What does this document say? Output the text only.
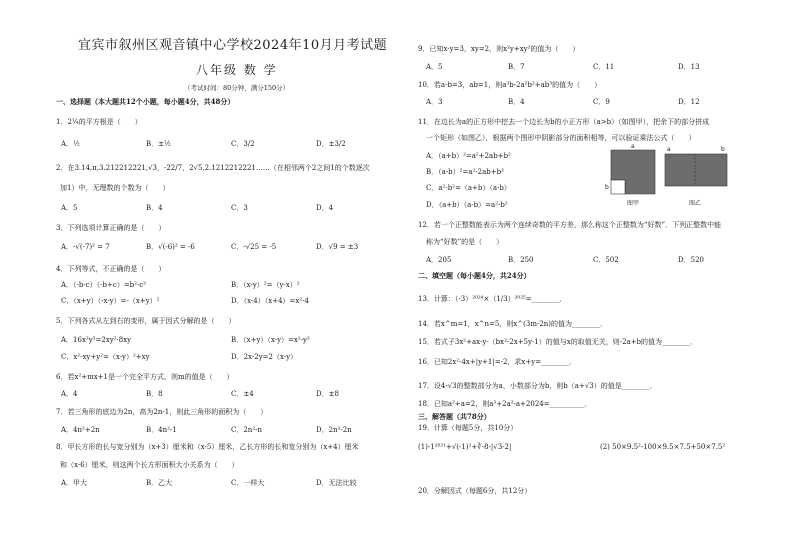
宜宾市叙州区观音镇中心学校2024年10月月考试题
八年级 数 学
（考试时间：80分钟，满分150分）
一、选择题（本大题共12个小题，每小题4分，共48分）
1．2¼的平方根是（　　）
A．½	B．±½	C．3/2	D．±3/2
2．在3.14,π,3.212212221,√3，-22/7，2√5,2.1212212221……（在相邻两个2之间1的个数逐次
加1）中，无理数的个数为（　　）
A．5	B．4	C．3	D．4
3．下列选项计算正确的是（　　）
A．-√(-7)² = 7	B．√(-6)² = -6	C．-√25 = -5	D．√9 = ±3
4．下列等式，不正确的是（　　）
A．（-b-c）（-b+c）=b²-c²	B．（x-y）²=（y-x）²
C．（x+y）（-x-y）=-（x+y）²	D．（x-4）（x+4）=x²-4
5．下列各式从左到右的变形，属于因式分解的是（　　）
A．16x²y³=2xy²·8xy	B．（x+y）（x-y）=x²-y²
C．x²-xy+y²=（x-y）²+xy	D．2x-2y=2（x-y）
6．若x²+mx+1是一个完全平方式，则m的值是（　　）
A．4	B．8	C．±4	D．±8
7．若三角形的底边为2n，高为2n-1，则此三角形的面积为（　　）
A．4n²+2n	B．4n²-1	C．2n²-n	D．2n²-2n
8．甲长方形的长与宽分别为（x+3）厘米和（x-5）厘米，乙长方形的长和宽分别为（x+4）厘米
和（x-6）厘米，则这两个长方形面积大小关系为（　　）
A．甲大	B．乙大	C．一样大	D．无法比较
9．已知x-y=3，xy=2，则x²y+xy²的值为（　　）
A．5	B．7	C．11	D．13
10．若a-b=3，ab=1，则a³b-2a²b²+ab³的值为（　　）
A．3	B．4	C．9	D．12
11．在边长为a的正方形中挖去一个边长为b的小正方形（a>b）（如图甲），把余下的部分拼成
一个矩形（如图乙），根据两个图形中阴影部分的面积相等，可以验证乘法公式（　　）
A．（a+b）²=a²+2ab+b²
B．（a-b）²=a²-2ab+b²
C．a²-b²=（a+b）（a-b）
D．（a+b）（a-b）=a²-b²
a
b
图甲
a	b
图乙
12．若一个正整数能表示为两个连续奇数的平方差，那么称这个正整数为“好数”．下列正整数中能
称为“好数”的是（　　）
A．205	B．250	C．502	D．520
二、填空题（每小题4分，共24分）
13．计算：（-3）²⁰²⁴×（1/3）²⁰²⁵=________．
14．若x^m=1，x^n=5，则x^(3m-2n)的值为________．
15．若式子3x²+ax-y-（bx²-2x+5y-1）的值与x的取值无关，则-2a+b的值为________．
16．已知2x²-4x+|y+1|=-2，求x+y=________．
17．设4-√3的整数部分为a，小数部分为b，则b（a+√3）的值是________．
18．已知a²+a=2，则a³+2a²-a+2024=__________．
三、解答题（共78分）
19．计算（每题5分，共10分）
(1)-1²⁰²¹+√(-1)²+∛-8-|√3-2|	(2) 50×9.5²-100×9.5×7.5+50×7.5²
20．分解因式（每题6分，共12分）
